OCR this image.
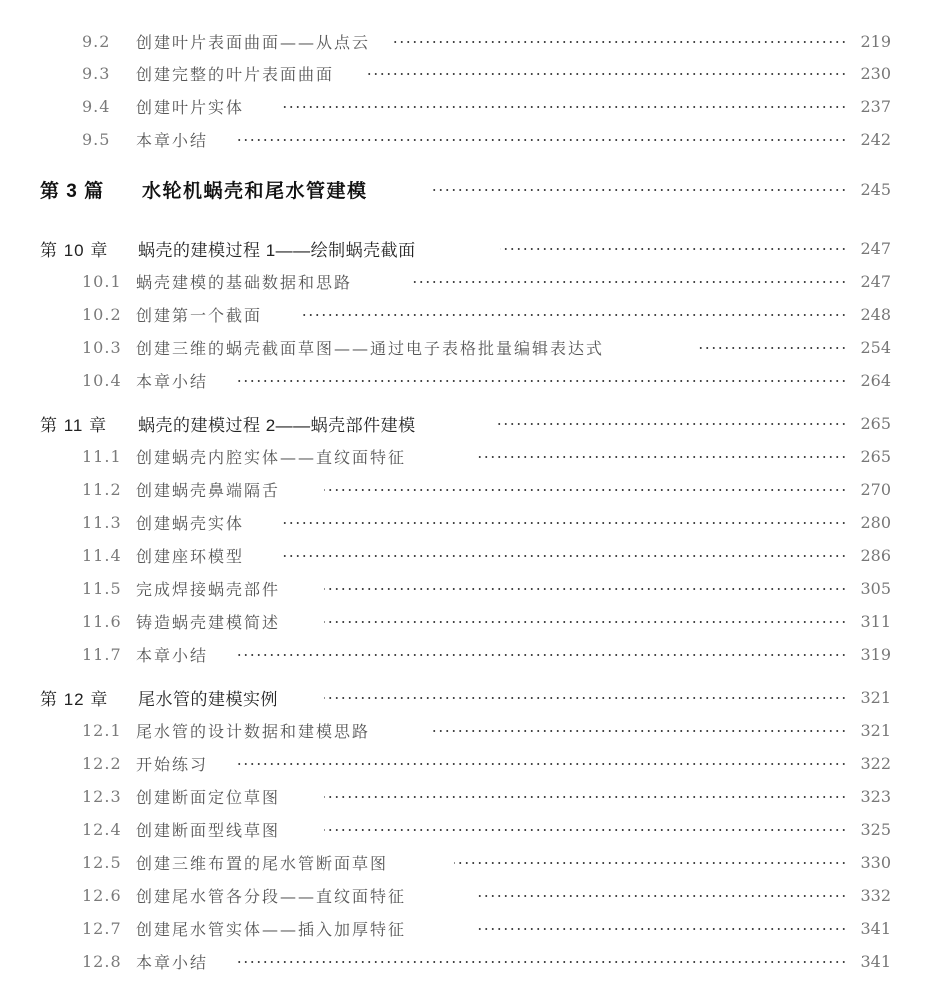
9.2 创建叶片表面曲面——从点云	219
9.3 创建完整的叶片表面曲面	230
9.4 创建叶片实体	237
9.5 本章小结	242
第 3 篇 水轮机蜗壳和尾水管建模	245
第 10 章 蜗壳的建模过程 1——绘制蜗壳截面	247
10.1 蜗壳建模的基础数据和思路	247
10.2 创建第一个截面	248
10.3 创建三维的蜗壳截面草图——通过电子表格批量编辑表达式	254
10.4 本章小结	264
第 11 章 蜗壳的建模过程 2——蜗壳部件建模	265
11.1 创建蜗壳内腔实体——直纹面特征	265
11.2 创建蜗壳鼻端隔舌	270
11.3 创建蜗壳实体	280
11.4 创建座环模型	286
11.5 完成焊接蜗壳部件	305
11.6 铸造蜗壳建模简述	311
11.7 本章小结	319
第 12 章 尾水管的建模实例	321
12.1 尾水管的设计数据和建模思路	321
12.2 开始练习	322
12.3 创建断面定位草图	323
12.4 创建断面型线草图	325
12.5 创建三维布置的尾水管断面草图	330
12.6 创建尾水管各分段——直纹面特征	332
12.7 创建尾水管实体——插入加厚特征	341
12.8 本章小结	341
